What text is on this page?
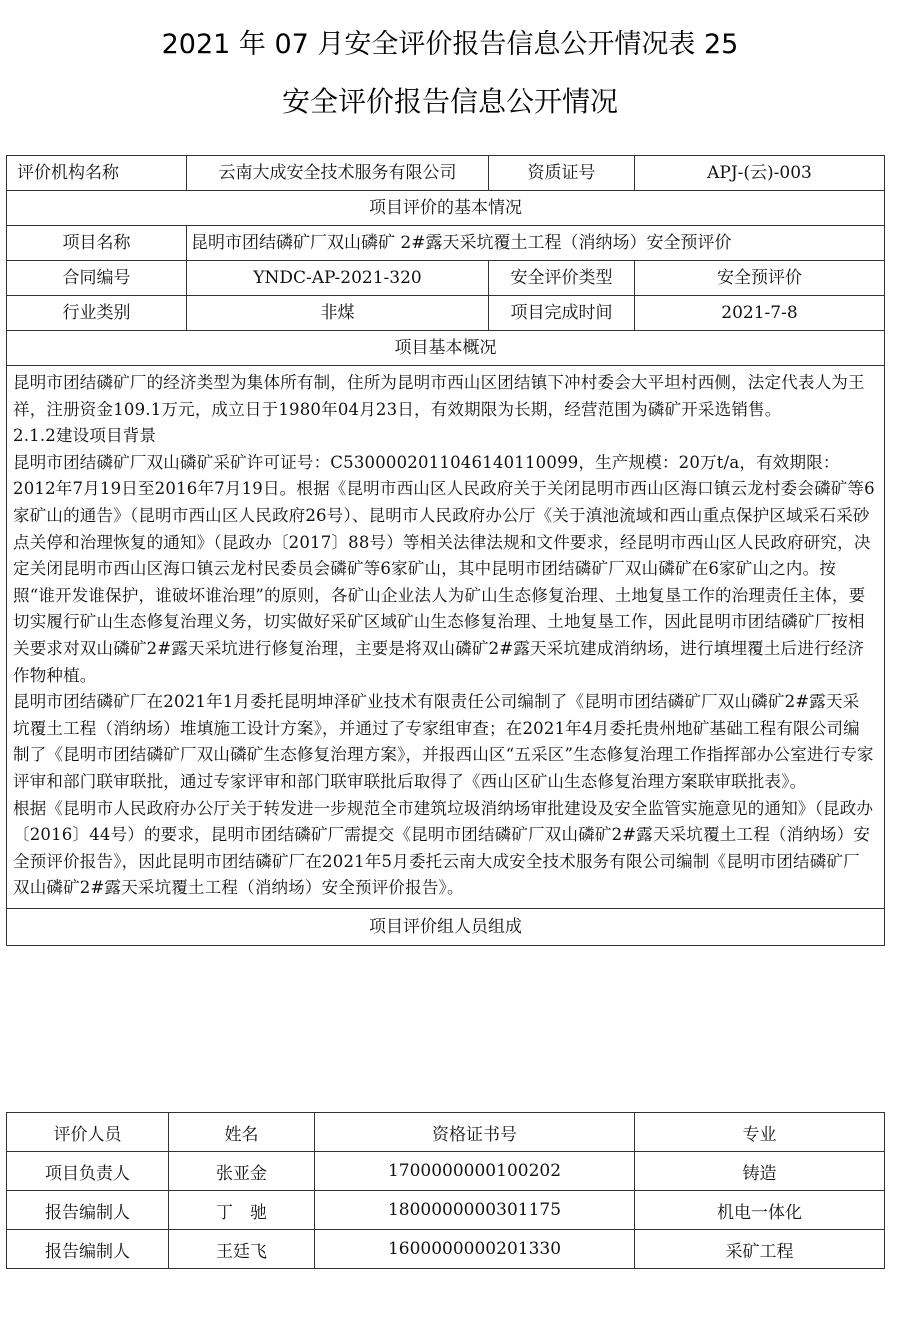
2021 年 07 月安全评价报告信息公开情况表 25
安全评价报告信息公开情况
评价机构名称	云南大成安全技术服务有限公司	资质证号	APJ-(云)-003
项目评价的基本情况			
项目名称	昆明市团结磷矿厂双山磷矿 2#露天采坑覆土工程（消纳场）安全预评价		
合同编号	YNDC-AP-2021-320	安全评价类型	安全预评价
行业类别	非煤	项目完成时间	2021-7-8
项目基本概况			

昆明市团结磷矿厂的经济类型为集体所有制，住所为昆明市西山区团结镇下冲村委会大平坦村西侧，法定代表人为王祥，注册资金109.1万元，成立日于1980年04月23日，有效期限为长期，经营范围为磷矿开采选销售。

2.1.2建设项目背景

昆明市团结磷矿厂双山磷矿采矿许可证号：C5300002011046140110099，生产规模：20万t/a，有效期限：2012年7月19日至2016年7月19日。根据《昆明市西山区人民政府关于关闭昆明市西山区海口镇云龙村委会磷矿等6家矿山的通告》（昆明市西山区人民政府26号）、昆明市人民政府办公厅《关于滇池流域和西山重点保护区域采石采砂点关停和治理恢复的通知》（昆政办〔2017〕88号）等相关法律法规和文件要求，经昆明市西山区人民政府研究，决定关闭昆明市西山区海口镇云龙村民委员会磷矿等6家矿山，其中昆明市团结磷矿厂双山磷矿在6家矿山之内。按照“谁开发谁保护，谁破坏谁治理”的原则，各矿山企业法人为矿山生态修复治理、土地复垦工作的治理责任主体，要切实履行矿山生态修复治理义务，切实做好采矿区域矿山生态修复治理、土地复垦工作，因此昆明市团结磷矿厂按相关要求对双山磷矿2#露天采坑进行修复治理，主要是将双山磷矿2#露天采坑建成消纳场，进行填埋覆土后进行经济作物种植。

昆明市团结磷矿厂在2021年1月委托昆明坤泽矿业技术有限责任公司编制了《昆明市团结磷矿厂双山磷矿2#露天采坑覆土工程（消纳场）堆填施工设计方案》，并通过了专家组审查；在2021年4月委托贵州地矿基础工程有限公司编制了《昆明市团结磷矿厂双山磷矿生态修复治理方案》，并报西山区“五采区”生态修复治理工作指挥部办公室进行专家评审和部门联审联批，通过专家评审和部门联审联批后取得了《西山区矿山生态修复治理方案联审联批表》。

根据《昆明市人民政府办公厅关于转发进一步规范全市建筑垃圾消纳场审批建设及安全监管实施意见的通知》（昆政办〔2016〕44号）的要求，昆明市团结磷矿厂需提交《昆明市团结磷矿厂双山磷矿2#露天采坑覆土工程（消纳场）安全预评价报告》，因此昆明市团结磷矿厂在2021年5月委托云南大成安全技术服务有限公司编制《昆明市团结磷矿厂双山磷矿2#露天采坑覆土工程（消纳场）安全预评价报告》。			

项目评价组人员组成			
评价人员	姓名	资格证书号	专业
项目负责人	张亚金	1700000000100202	铸造
报告编制人	丁　驰	1800000000301175	机电一体化
报告编制人	王廷飞	1600000000201330	采矿工程
